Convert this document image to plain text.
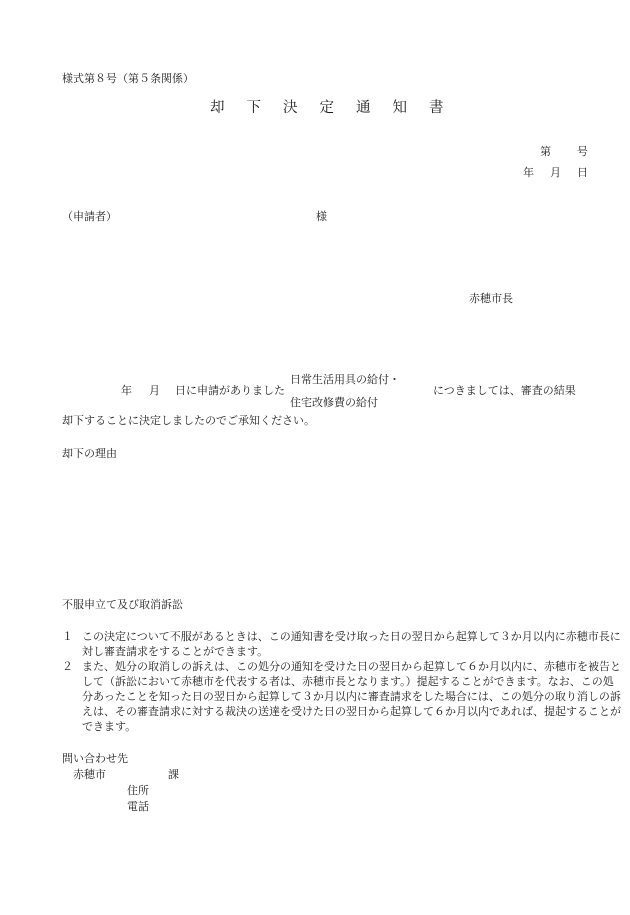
様式第８号（第５条関係）
却 下 決 定 通 知 書
第 号
年 月 日
（申請者）	様
赤穂市長
年 月 日に申請がありました
日常生活用具の給付・
住宅改修費の給付
につきましては、審査の結果
却下することに決定しましたのでご承知ください。
却下の理由
不服申立て及び取消訴訟
１ この決定について不服があるときは、この通知書を受け取った日の翌日から起算して３か月以内に赤穂市長に対し審査請求をすることができます。
２ また、処分の取消しの訴えは、この処分の通知を受けた日の翌日から起算して６か月以内に、赤穂市を被告として（訴訟において赤穂市を代表する者は、赤穂市長となります。）提起することができます。なお、この処分あったことを知った日の翌日から起算して３か月以内に審査請求をした場合には、この処分の取り消しの訴えは、その審査請求に対する裁決の送達を受けた日の翌日から起算して６か月以内であれば、提起することができます。
問い合わせ先
赤穂市	課
住所
電話
